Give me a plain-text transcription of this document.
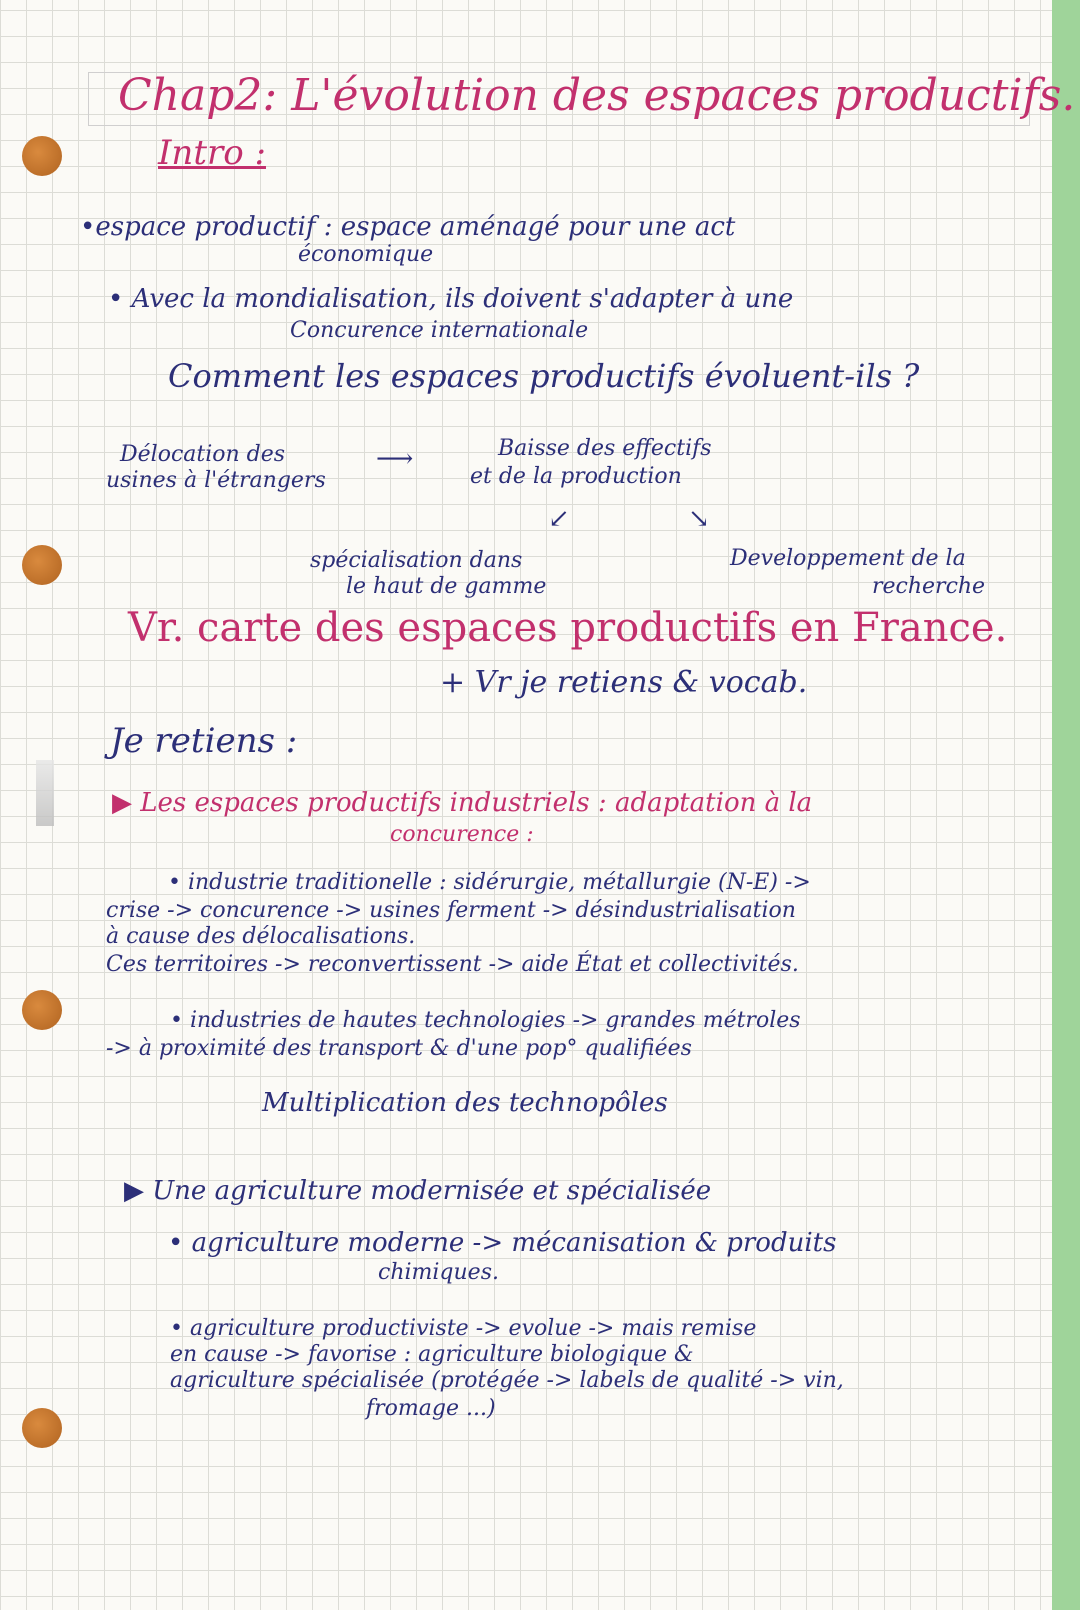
Chap2: L'évolution des espaces productifs.
Intro :
•espace productif : espace aménagé pour une act
économique
• Avec la mondialisation, ils doivent s'adapter à une
Concurence internationale
Comment les espaces productifs évoluent-ils ?
Délocation des
usines à l'étrangers
⟶	Baisse des effectifs
et de la production
↙	↘
spécialisation dans
le haut de gamme
Developpement de la
recherche
Vr. carte des espaces productifs en France.
+ Vr je retiens & vocab.
Je retiens :
▶ Les espaces productifs industriels : adaptation à la
concurence :
• industrie traditionelle : sidérurgie, métallurgie (N-E) ->
crise -> concurence -> usines ferment -> désindustrialisation
à cause des délocalisations.
Ces territoires -> reconvertissent -> aide État et collectivités.
• industries de hautes technologies -> grandes métroles
-> à proximité des transport & d'une pop° qualifiées
Multiplication des technopôles
▶ Une agriculture modernisée et spécialisée
• agriculture moderne -> mécanisation & produits
chimiques.
• agriculture productiviste -> evolue -> mais remise
en cause -> favorise : agriculture biologique &
agriculture spécialisée (protégée -> labels de qualité -> vin,
fromage ...)
